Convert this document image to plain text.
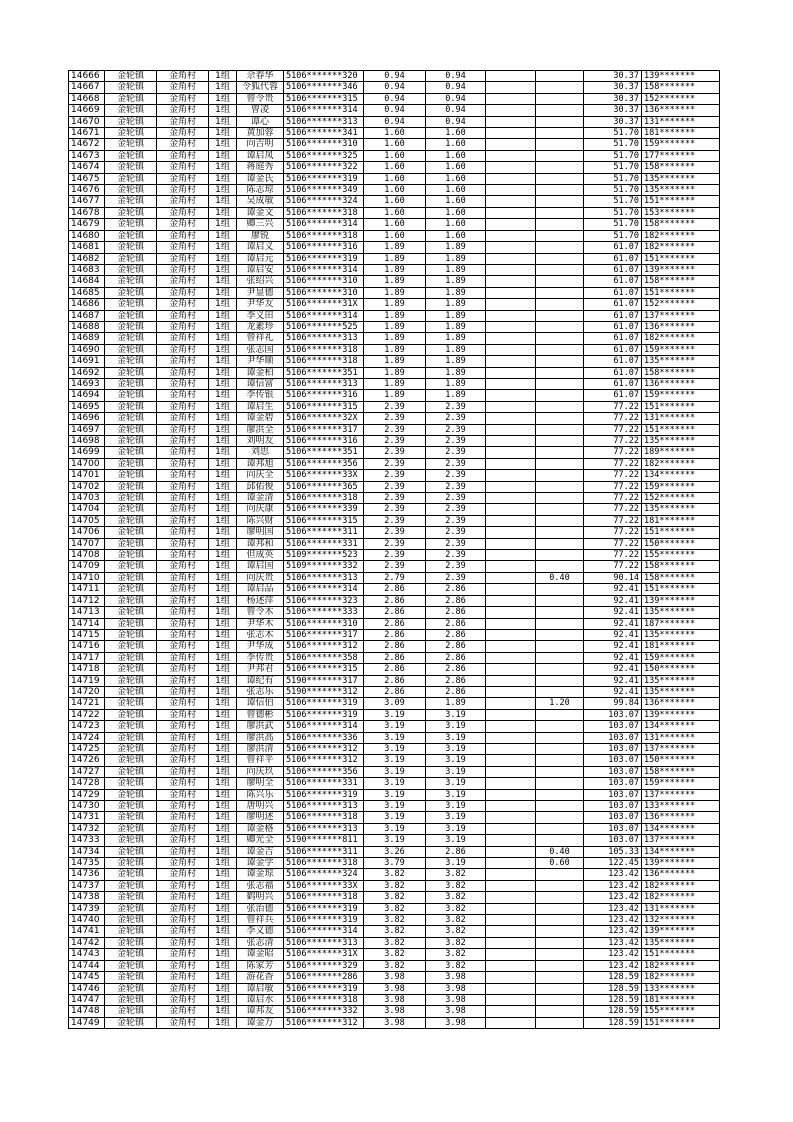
14666	金轮镇	金角村	1组	佘春华	5106*******320	0.94	0.94			30.37	139*******
14667	金轮镇	金角村	1组	令狐代蓉	5106*******346	0.94	0.94			30.37	158*******
14668	金轮镇	金角村	1组	曾令贵	5106*******315	0.94	0.94			30.37	152*******
14669	金轮镇	金角村	1组	曾凌	5106*******314	0.94	0.94			30.37	136*******
14670	金轮镇	金角村	1组	谭心	5106*******313	0.94	0.94			30.37	131*******
14671	金轮镇	金角村	1组	黄加蓉	5106*******341	1.60	1.60			51.70	181*******
14672	金轮镇	金角村	1组	向吉明	5106*******310	1.60	1.60			51.70	159*******
14673	金轮镇	金角村	1组	谭启凤	5106*******325	1.60	1.60			51.70	177*******
14674	金轮镇	金角村	1组	蒋庭秀	5106*******322	1.60	1.60			51.70	158*******
14675	金轮镇	金角村	1组	谭金氏	5106*******319	1.60	1.60			51.70	135*******
14676	金轮镇	金角村	1组	陈志琼	5106*******349	1.60	1.60			51.70	135*******
14677	金轮镇	金角村	1组	吴成敏	5106*******324	1.60	1.60			51.70	151*******
14678	金轮镇	金角村	1组	谭金文	5106*******318	1.60	1.60			51.70	153*******
14679	金轮镇	金角村	1组	卿三兴	5106*******314	1.60	1.60			51.70	158*******
14680	金轮镇	金角村	1组	廖锐	5106*******318	1.60	1.60			51.70	182*******
14681	金轮镇	金角村	1组	谭启义	5106*******316	1.89	1.89			61.07	182*******
14682	金轮镇	金角村	1组	谭启元	5106*******319	1.89	1.89			61.07	151*******
14683	金轮镇	金角村	1组	谭启安	5106*******314	1.89	1.89			61.07	139*******
14684	金轮镇	金角村	1组	张绍兴	5106*******310	1.89	1.89			61.07	158*******
14685	金轮镇	金角村	1组	尹显德	5106*******310	1.89	1.89			61.07	151*******
14686	金轮镇	金角村	1组	尹华友	5106*******31X	1.89	1.89			61.07	152*******
14687	金轮镇	金角村	1组	李义田	5106*******314	1.89	1.89			61.07	137*******
14688	金轮镇	金角村	1组	龙素珍	5106*******525	1.89	1.89			61.07	136*******
14689	金轮镇	金角村	1组	曾祥礼	5106*******313	1.89	1.89			61.07	182*******
14690	金轮镇	金角村	1组	张志国	5106*******318	1.89	1.89			61.07	159*******
14691	金轮镇	金角村	1组	尹华顺	5106*******318	1.89	1.89			61.07	135*******
14692	金轮镇	金角村	1组	谭金柏	5106*******351	1.89	1.89			61.07	158*******
14693	金轮镇	金角村	1组	谭信富	5106*******313	1.89	1.89			61.07	136*******
14694	金轮镇	金角村	1组	李传银	5106*******316	1.89	1.89			61.07	159*******
14695	金轮镇	金角村	1组	谭启生	5106*******315	2.39	2.39			77.22	151*******
14696	金轮镇	金角村	1组	谭金碧	5106*******32X	2.39	2.39			77.22	131*******
14697	金轮镇	金角村	1组	廖洪全	5106*******317	2.39	2.39			77.22	151*******
14698	金轮镇	金角村	1组	刘明友	5106*******316	2.39	2.39			77.22	135*******
14699	金轮镇	金角村	1组	刘思	5106*******351	2.39	2.39			77.22	189*******
14700	金轮镇	金角村	1组	谭邦旭	5106*******356	2.39	2.39			77.22	182*******
14701	金轮镇	金角村	1组	向庆全	5106*******33X	2.39	2.39			77.22	134*******
14702	金轮镇	金角村	1组	邱佑俊	5106*******365	2.39	2.39			77.22	159*******
14703	金轮镇	金角村	1组	谭金清	5106*******318	2.39	2.39			77.22	152*******
14704	金轮镇	金角村	1组	向庆康	5106*******339	2.39	2.39			77.22	135*******
14705	金轮镇	金角村	1组	陈兴财	5106*******315	2.39	2.39			77.22	181*******
14706	金轮镇	金角村	1组	廖明国	5106*******311	2.39	2.39			77.22	151*******
14707	金轮镇	金角村	1组	谭邦和	5106*******331	2.39	2.39			77.22	150*******
14708	金轮镇	金角村	1组	但成英	5109*******523	2.39	2.39			77.22	155*******
14709	金轮镇	金角村	1组	谭启国	5109*******332	2.39	2.39			77.22	158*******
14710	金轮镇	金角村	1组	向庆贵	5106*******313	2.79	2.39		0.40	90.14	158*******
14711	金轮镇	金角村	1组	谭启品	5106*******314	2.86	2.86			92.41	151*******
14712	金轮镇	金角村	1组	杨述萍	5106*******323	2.86	2.86			92.41	139*******
14713	金轮镇	金角村	1组	曾令木	5106*******333	2.86	2.86			92.41	135*******
14714	金轮镇	金角村	1组	尹华木	5106*******310	2.86	2.86			92.41	187*******
14715	金轮镇	金角村	1组	张志木	5106*******317	2.86	2.86			92.41	135*******
14716	金轮镇	金角村	1组	尹华成	5106*******312	2.86	2.86			92.41	181*******
14717	金轮镇	金角村	1组	李传贵	5106*******358	2.86	2.86			92.41	159*******
14718	金轮镇	金角村	1组	尹邦君	5106*******315	2.86	2.86			92.41	150*******
14719	金轮镇	金角村	1组	谭纪有	5190*******317	2.86	2.86			92.41	135*******
14720	金轮镇	金角村	1组	张志乐	5190*******312	2.86	2.86			92.41	135*******
14721	金轮镇	金角村	1组	谭信伯	5106*******319	3.09	1.89		1.20	99.84	136*******
14722	金轮镇	金角村	1组	曾德彬	5106*******319	3.19	3.19			103.07	139*******
14723	金轮镇	金角村	1组	廖洪武	5106*******314	3.19	3.19			103.07	134*******
14724	金轮镇	金角村	1组	廖洪高	5106*******336	3.19	3.19			103.07	131*******
14725	金轮镇	金角村	1组	廖洪清	5106*******312	3.19	3.19			103.07	137*******
14726	金轮镇	金角村	1组	曾祥平	5106*******312	3.19	3.19			103.07	150*******
14727	金轮镇	金角村	1组	向庆玖	5106*******356	3.19	3.19			103.07	158*******
14728	金轮镇	金角村	1组	廖明全	5106*******331	3.19	3.19			103.07	159*******
14729	金轮镇	金角村	1组	陈兴乐	5106*******319	3.19	3.19			103.07	137*******
14730	金轮镇	金角村	1组	唐明兴	5106*******313	3.19	3.19			103.07	133*******
14731	金轮镇	金角村	1组	廖明述	5106*******318	3.19	3.19			103.07	136*******
14732	金轮镇	金角村	1组	谭金格	5106*******313	3.19	3.19			103.07	134*******
14733	金轮镇	金角村	1组	卿光全	5190*******811	3.19	3.19			103.07	137*******
14734	金轮镇	金角村	1组	谭金吉	5106*******311	3.26	2.86		0.40	105.33	134*******
14735	金轮镇	金角村	1组	谭金学	5106*******318	3.79	3.19		0.60	122.45	139*******
14736	金轮镇	金角村	1组	谭金琼	5106*******324	3.82	3.82			123.42	136*******
14737	金轮镇	金角村	1组	张志福	5106*******33X	3.82	3.82			123.42	182*******
14738	金轮镇	金角村	1组	鹤明兴	5106*******318	3.82	3.82			123.42	182*******
14739	金轮镇	金角村	1组	张治德	5106*******319	3.82	3.82			123.42	131*******
14740	金轮镇	金角村	1组	曾祥兵	5106*******319	3.82	3.82			123.42	132*******
14741	金轮镇	金角村	1组	李义德	5106*******314	3.82	3.82			123.42	139*******
14742	金轮镇	金角村	1组	张志清	5106*******313	3.82	3.82			123.42	135*******
14743	金轮镇	金角村	1组	谭金昭	5106*******31X	3.82	3.82			123.42	151*******
14744	金轮镇	金角村	1组	陈家芳	5106*******329	3.82	3.82			123.42	182*******
14745	金轮镇	金角村	1组	游花香	5106*******286	3.98	3.98			128.59	182*******
14746	金轮镇	金角村	1组	谭启敏	5106*******319	3.98	3.98			128.59	133*******
14747	金轮镇	金角村	1组	谭启水	5106*******318	3.98	3.98			128.59	181*******
14748	金轮镇	金角村	1组	谭邦友	5106*******332	3.98	3.98			128.59	155*******
14749	金轮镇	金角村	1组	谭金万	5106*******312	3.98	3.98			128.59	151*******
